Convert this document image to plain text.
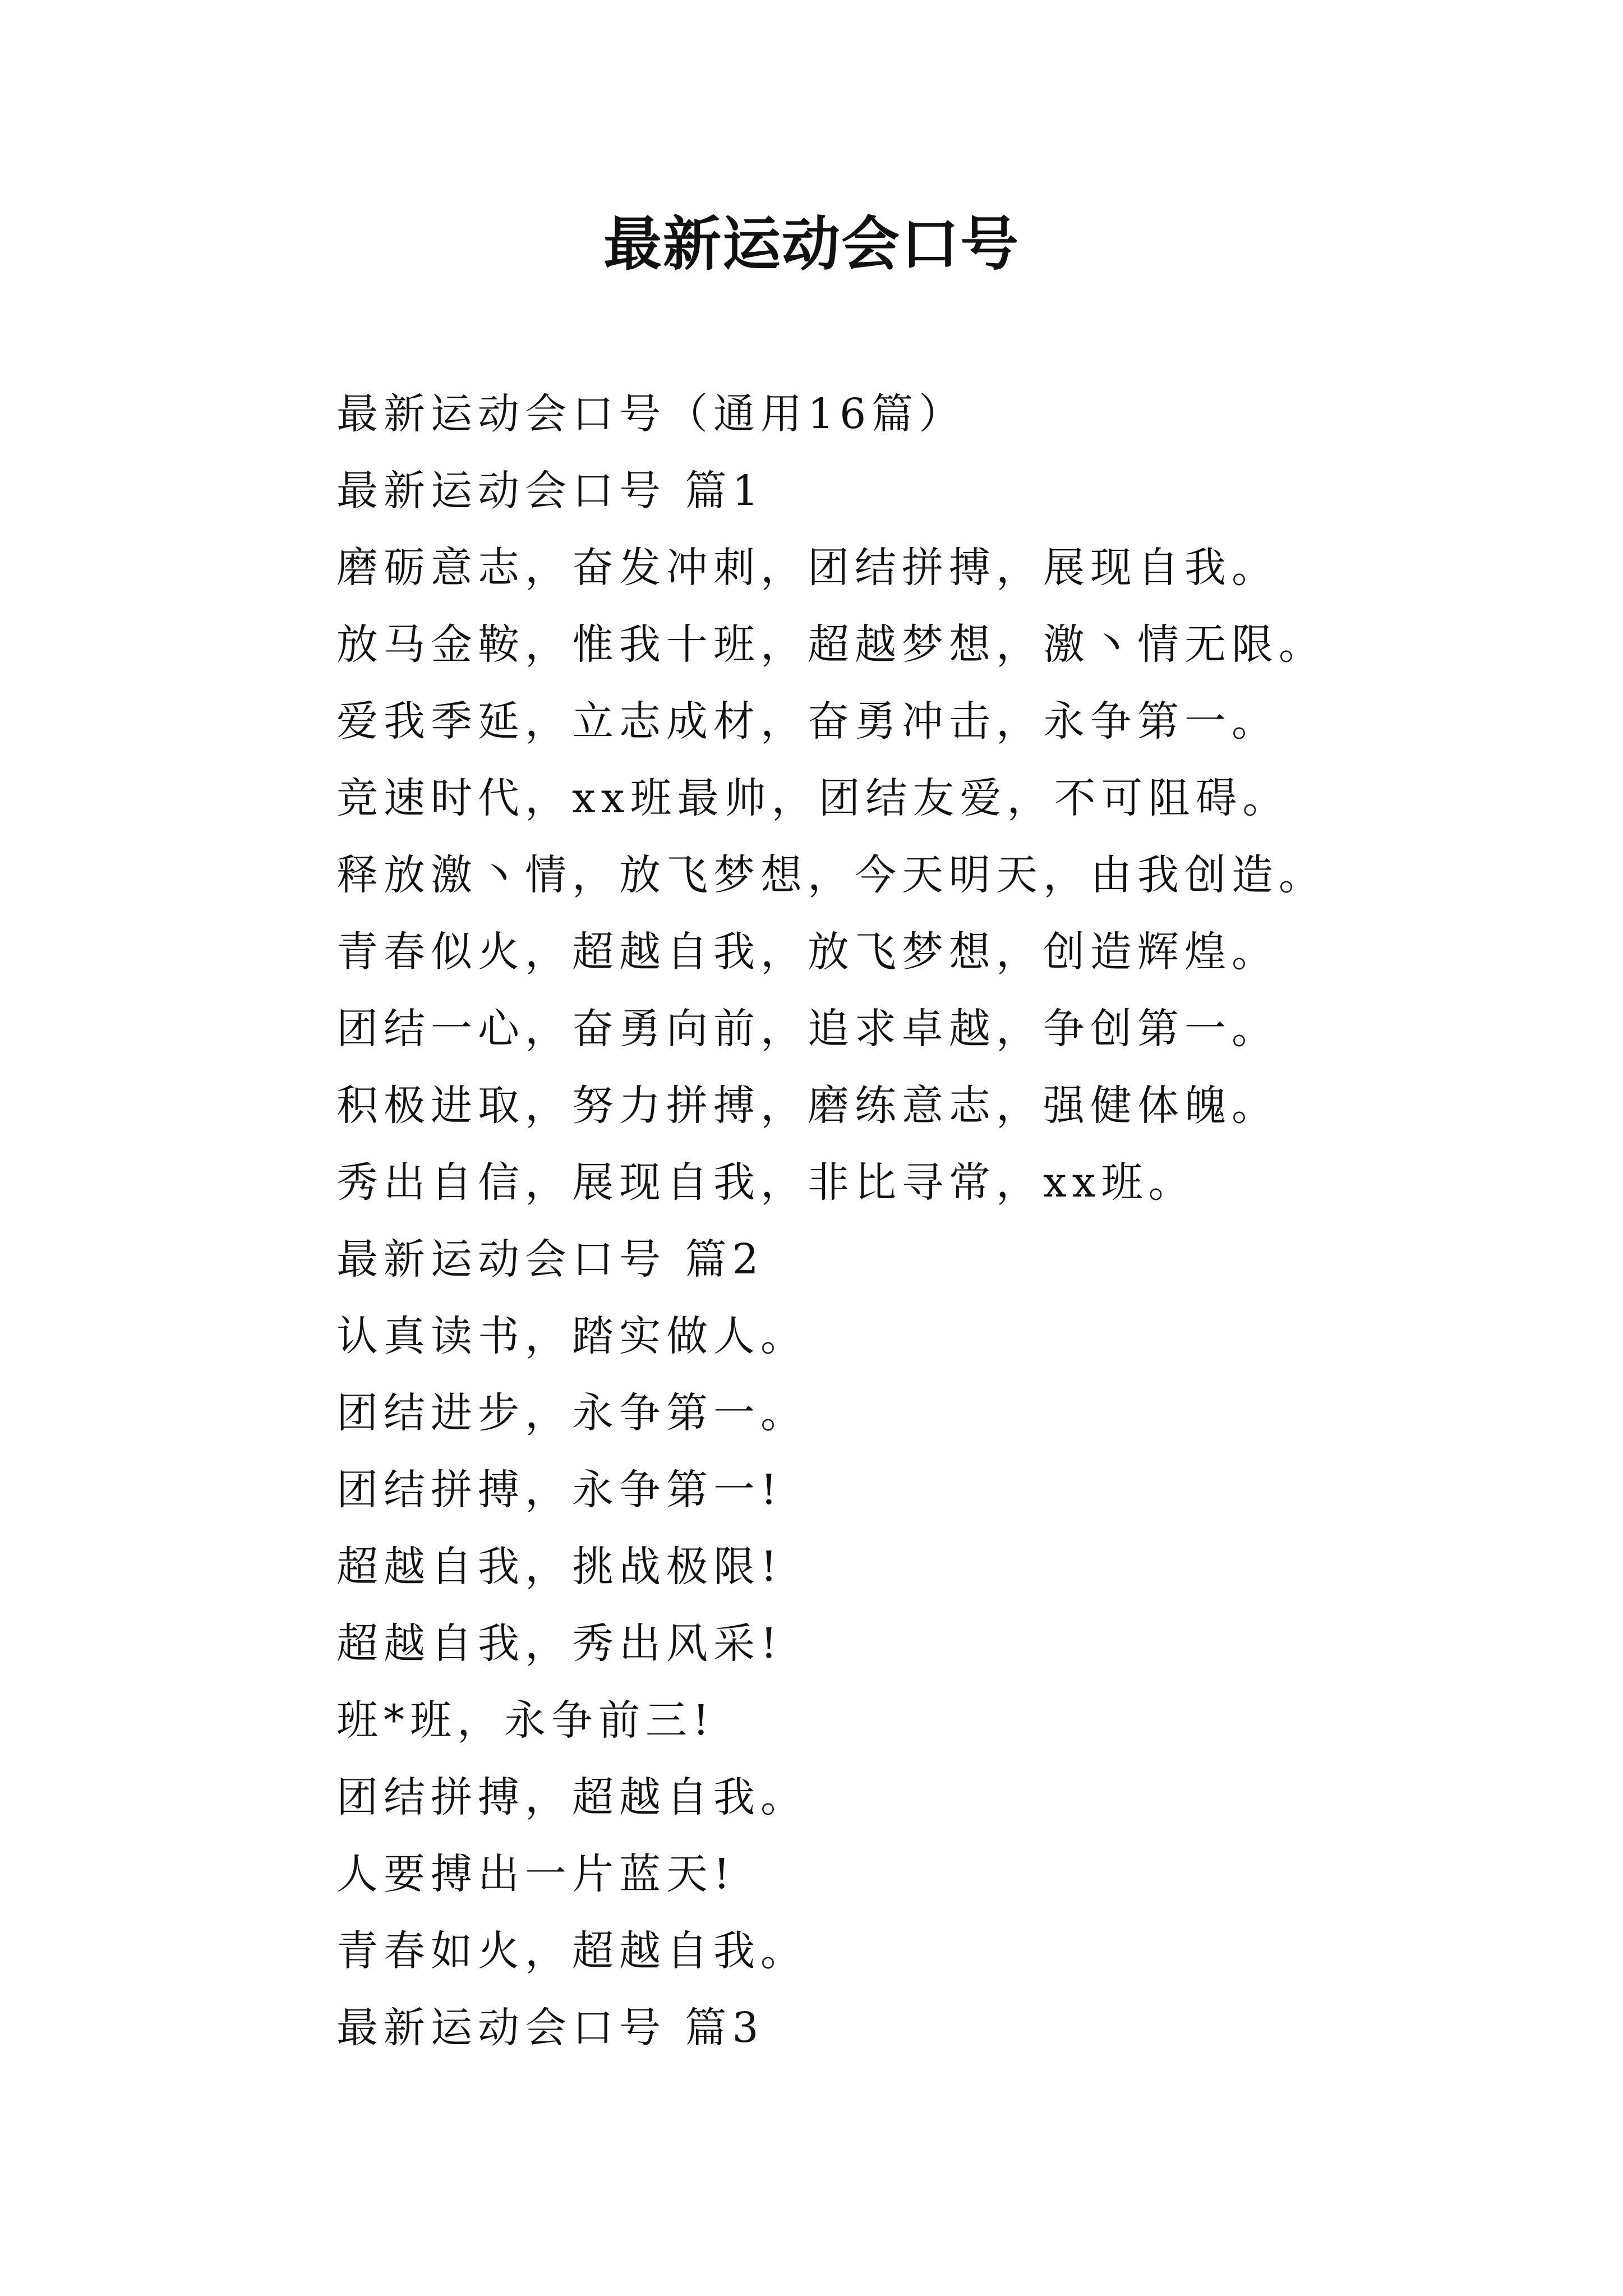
最新运动会口号
最新运动会口号（通用16篇）
最新运动会口号 篇1
磨砺意志，奋发冲刺，团结拼搏，展现自我。
放马金鞍，惟我十班，超越梦想，激丶情无限。
爱我季延，立志成材，奋勇冲击，永争第一。
竞速时代，xx班最帅，团结友爱，不可阻碍。
释放激丶情，放飞梦想，今天明天，由我创造。
青春似火，超越自我，放飞梦想，创造辉煌。
团结一心，奋勇向前，追求卓越，争创第一。
积极进取，努力拼搏，磨练意志，强健体魄。
秀出自信，展现自我，非比寻常，xx班。
最新运动会口号 篇2
认真读书，踏实做人。
团结进步，永争第一。
团结拼搏，永争第一!
超越自我，挑战极限!
超越自我，秀出风采!
班*班，永争前三!
团结拼搏，超越自我。
人要搏出一片蓝天!
青春如火，超越自我。
最新运动会口号 篇3
